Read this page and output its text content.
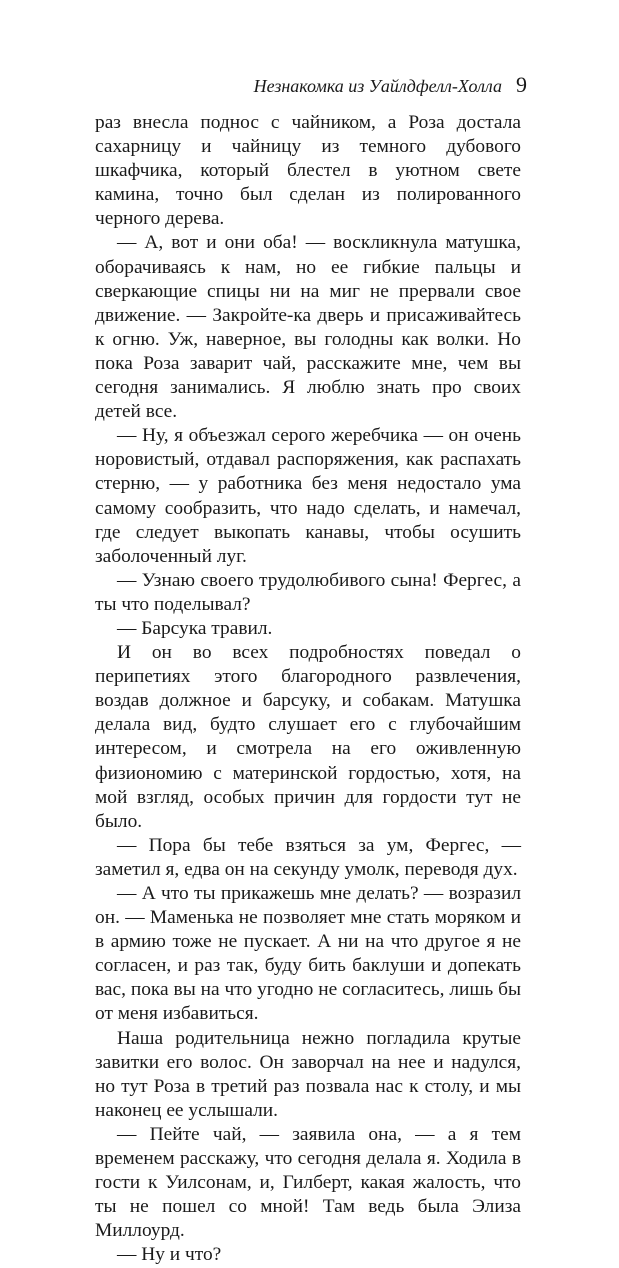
Незнакомка из Уайлдфелл-Холла 9

раз внесла поднос с чайником, а Роза достала сахарницу и чайницу из темного дубового шкафчика, который блестел в уютном свете камина, точно был сделан из полированного черного дерева.

— А, вот и они оба! — воскликнула матушка, оборачиваясь к нам, но ее гибкие пальцы и сверкающие спицы ни на миг не прервали свое движение. — Закройте-ка дверь и присаживайтесь к огню. Уж, наверное, вы голодны как волки. Но пока Роза заварит чай, расскажите мне, чем вы сегодня занимались. Я люблю знать про своих детей все.

— Ну, я объезжал серого жеребчика — он очень норовистый, отдавал распоряжения, как распахать стерню, — у работника без меня недостало ума самому сообразить, что надо сделать, и намечал, где следует выкопать канавы, чтобы осушить заболоченный луг.

— Узнаю своего трудолюбивого сына! Фергес, а ты что поделывал?

— Барсука травил.

И он во всех подробностях поведал о перипетиях этого благородного развлечения, воздав должное и барсуку, и собакам. Матушка делала вид, будто слушает его с глубочайшим интересом, и смотрела на его оживленную физиономию с материнской гордостью, хотя, на мой взгляд, особых причин для гордости тут не было.

— Пора бы тебе взяться за ум, Фергес, — заметил я, едва он на секунду умолк, переводя дух.

— А что ты прикажешь мне делать? — возразил он. — Маменька не позволяет мне стать моряком и в армию тоже не пускает. А ни на что другое я не согласен, и раз так, буду бить баклуши и допекать вас, пока вы на что угодно не согласитесь, лишь бы от меня избавиться.

Наша родительница нежно погладила крутые завитки его волос. Он заворчал на нее и надулся, но тут Роза в третий раз позвала нас к столу, и мы наконец ее услышали.

— Пейте чай, — заявила она, — а я тем временем расскажу, что сегодня делала я. Ходила в гости к Уилсонам, и, Гилберт, какая жалость, что ты не пошел со мной! Там ведь была Элиза Миллоурд.

— Ну и что?
